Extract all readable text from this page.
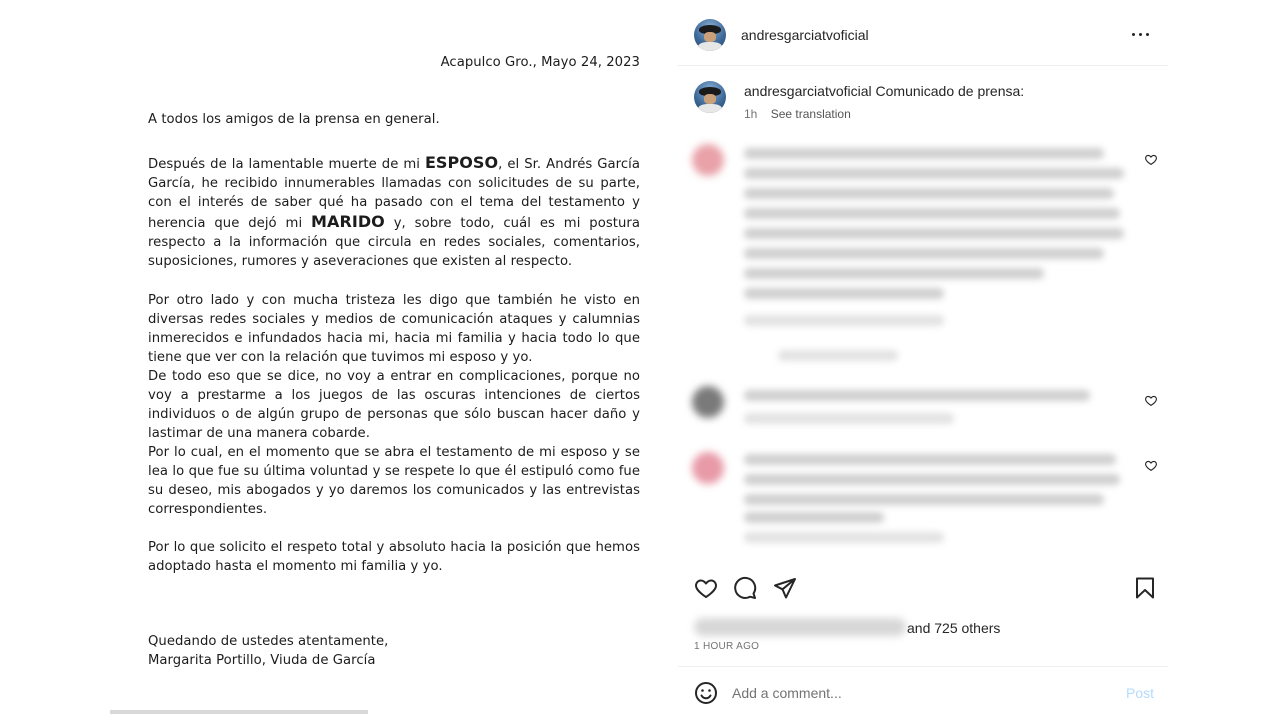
Acapulco Gro., Mayo 24, 2023
A todos los amigos de la prensa en general.
Después de la lamentable muerte de mi ESPOSO, el Sr. Andrés García García, he recibido innumerables llamadas con solicitudes de su parte, con el interés de saber qué ha pasado con el tema del testamento y herencia que dejó mi MARIDO y, sobre todo, cuál es mi postura respecto a la información que circula en redes sociales, comentarios, suposiciones, rumores y aseveraciones que existen al respecto.
Por otro lado y con mucha tristeza les digo que también he visto en diversas redes sociales y medios de comunicación ataques y calumnias inmerecidos e infundados hacia mi, hacia mi familia y hacia todo lo que tiene que ver con la relación que tuvimos mi esposo y yo.
De todo eso que se dice, no voy a entrar en complicaciones, porque no voy a prestarme a los juegos de las oscuras intenciones de ciertos individuos o de algún grupo de personas que sólo buscan hacer daño y lastimar de una manera cobarde.
Por lo cual, en el momento que se abra el testamento de mi esposo y se lea lo que fue su última voluntad y se respete lo que él estipuló como fue su deseo, mis abogados y yo daremos los comunicados y las entrevistas correspondientes.
Por lo que solicito el respeto total y absoluto hacia la posición que hemos adoptado hasta el momento mi familia y yo.
Quedando de ustedes atentamente,
Margarita Portillo, Viuda de García
andresgarciatvoficial
andresgarciatvoficial Comunicado de prensa:
1h See translation
and 725 others
1 HOUR AGO
Add a comment...
Post
